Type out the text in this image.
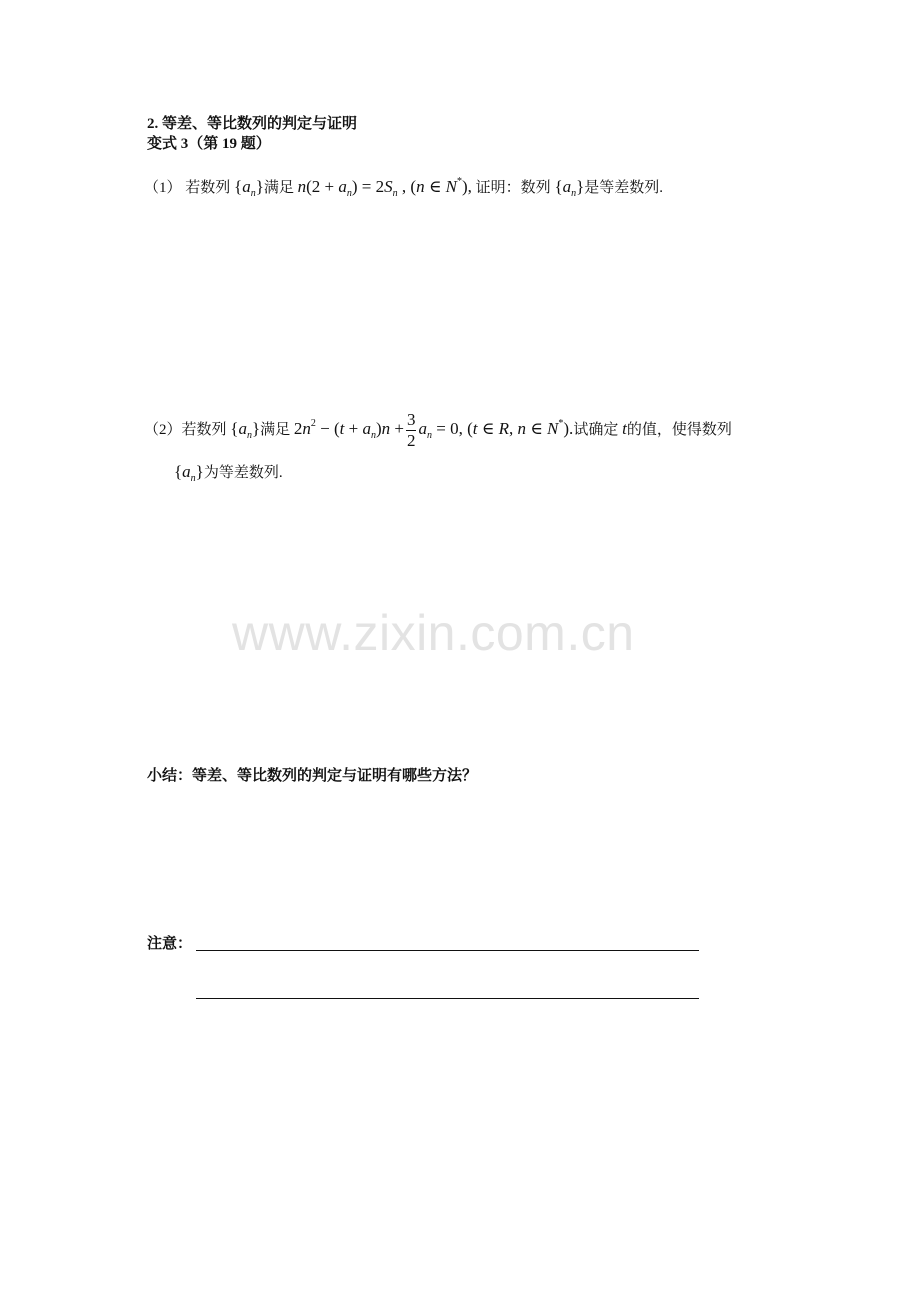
2. 等差、等比数列的判定与证明
变式 3（第 19 题）
（1） 若数列 $\{a_n\}$满足 $n(2 + a_n) = 2S_n$ , (n ∈ N*), 证明：数列 $\{a_n\}$是等差数列.
（2）若数列 $\{a_n\}$满足 $2n^2 - (t + a_n)n + \frac{3}{2} a_n = 0$, (t ∈ R, n ∈ N*).试确定 t的值，使得数列
$\{a_n\}$为等差数列.
www.zixin.com.cn
小结：等差、等比数列的判定与证明有哪些方法？
注意：
